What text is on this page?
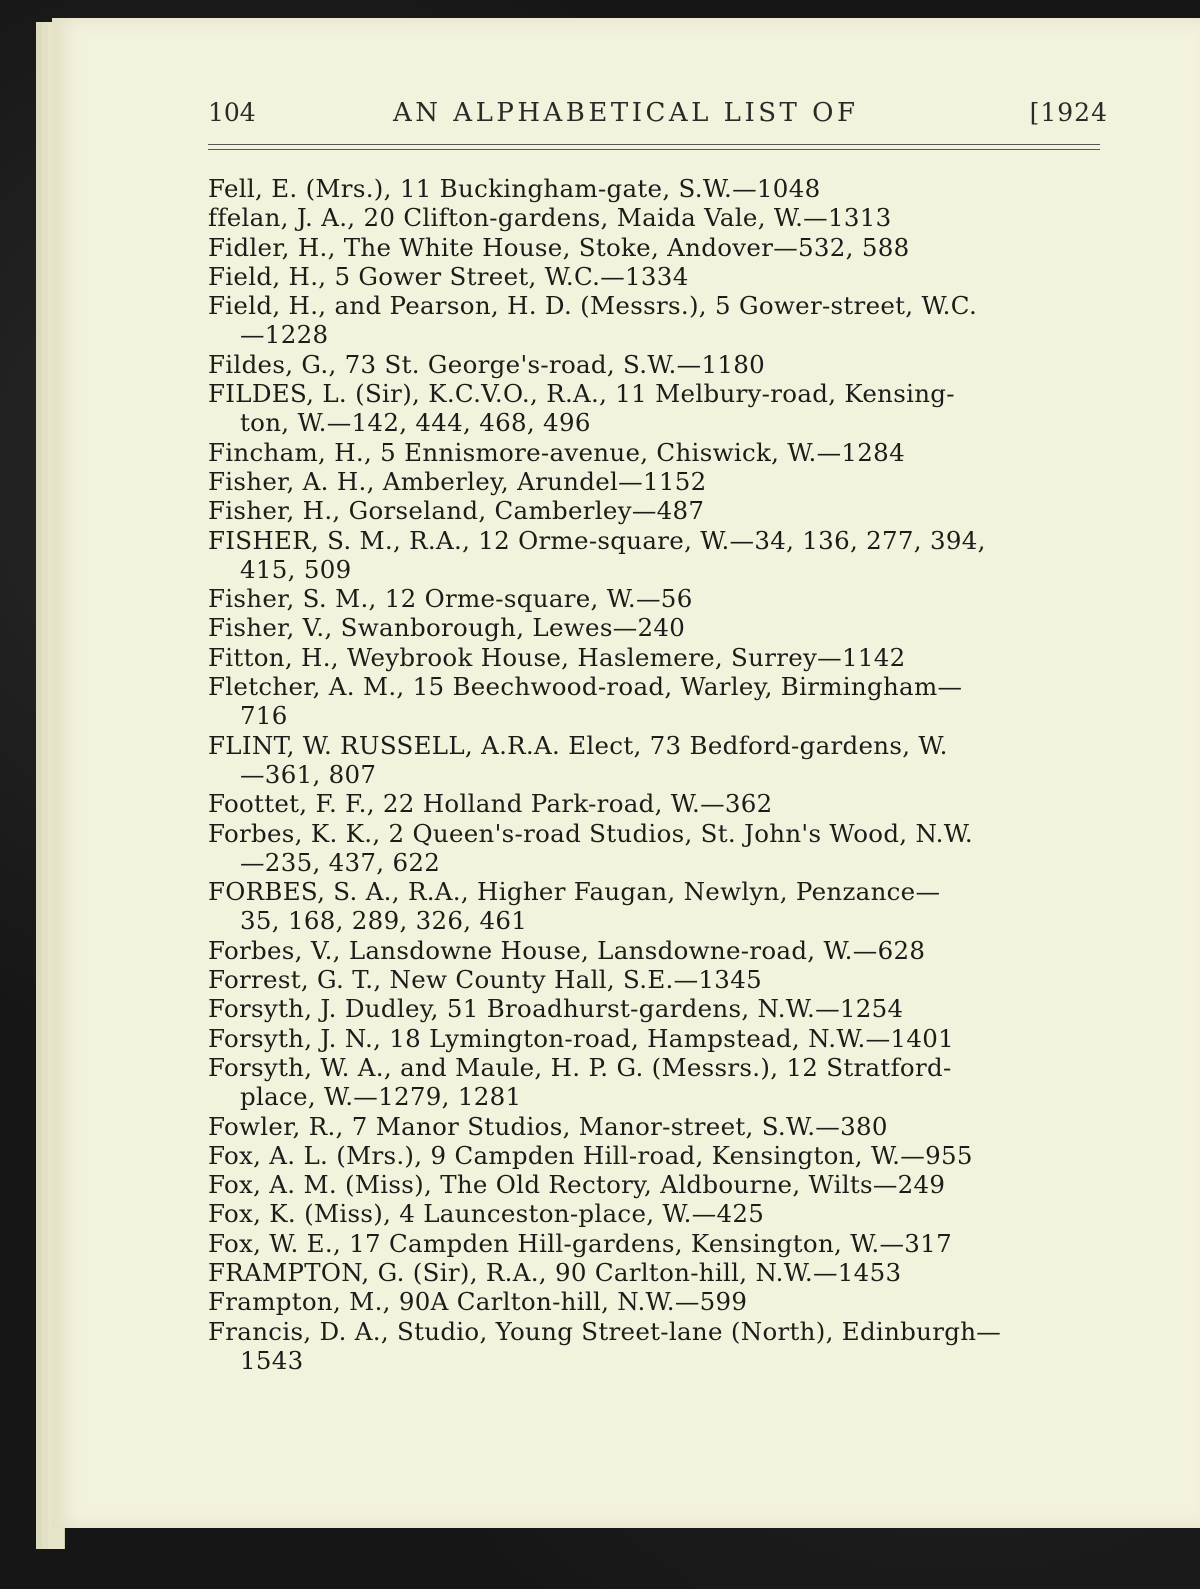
104	AN ALPHABETICAL LIST OF	[1924
Fell, E. (Mrs.), 11 Buckingham-gate, S.W.—1048
ffelan, J. A., 20 Clifton-gardens, Maida Vale, W.—1313
Fidler, H., The White House, Stoke, Andover—532, 588
Field, H., 5 Gower Street, W.C.—1334
Field, H., and Pearson, H. D. (Messrs.), 5 Gower-street, W.C.
—1228
Fildes, G., 73 St. George's-road, S.W.—1180
FILDES, L. (Sir), K.C.V.O., R.A., 11 Melbury-road, Kensing-
ton, W.—142, 444, 468, 496
Fincham, H., 5 Ennismore-avenue, Chiswick, W.—1284
Fisher, A. H., Amberley, Arundel—1152
Fisher, H., Gorseland, Camberley—487
FISHER, S. M., R.A., 12 Orme-square, W.—34, 136, 277, 394,
415, 509
Fisher, S. M., 12 Orme-square, W.—56
Fisher, V., Swanborough, Lewes—240
Fitton, H., Weybrook House, Haslemere, Surrey—1142
Fletcher, A. M., 15 Beechwood-road, Warley, Birmingham—
716
FLINT, W. RUSSELL, A.R.A. Elect, 73 Bedford-gardens, W.
—361, 807
Foottet, F. F., 22 Holland Park-road, W.—362
Forbes, K. K., 2 Queen's-road Studios, St. John's Wood, N.W.
—235, 437, 622
FORBES, S. A., R.A., Higher Faugan, Newlyn, Penzance—
35, 168, 289, 326, 461
Forbes, V., Lansdowne House, Lansdowne-road, W.—628
Forrest, G. T., New County Hall, S.E.—1345
Forsyth, J. Dudley, 51 Broadhurst-gardens, N.W.—1254
Forsyth, J. N., 18 Lymington-road, Hampstead, N.W.—1401
Forsyth, W. A., and Maule, H. P. G. (Messrs.), 12 Stratford-
place, W.—1279, 1281
Fowler, R., 7 Manor Studios, Manor-street, S.W.—380
Fox, A. L. (Mrs.), 9 Campden Hill-road, Kensington, W.—955
Fox, A. M. (Miss), The Old Rectory, Aldbourne, Wilts—249
Fox, K. (Miss), 4 Launceston-place, W.—425
Fox, W. E., 17 Campden Hill-gardens, Kensington, W.—317
FRAMPTON, G. (Sir), R.A., 90 Carlton-hill, N.W.—1453
Frampton, M., 90A Carlton-hill, N.W.—599
Francis, D. A., Studio, Young Street-lane (North), Edinburgh—
1543
